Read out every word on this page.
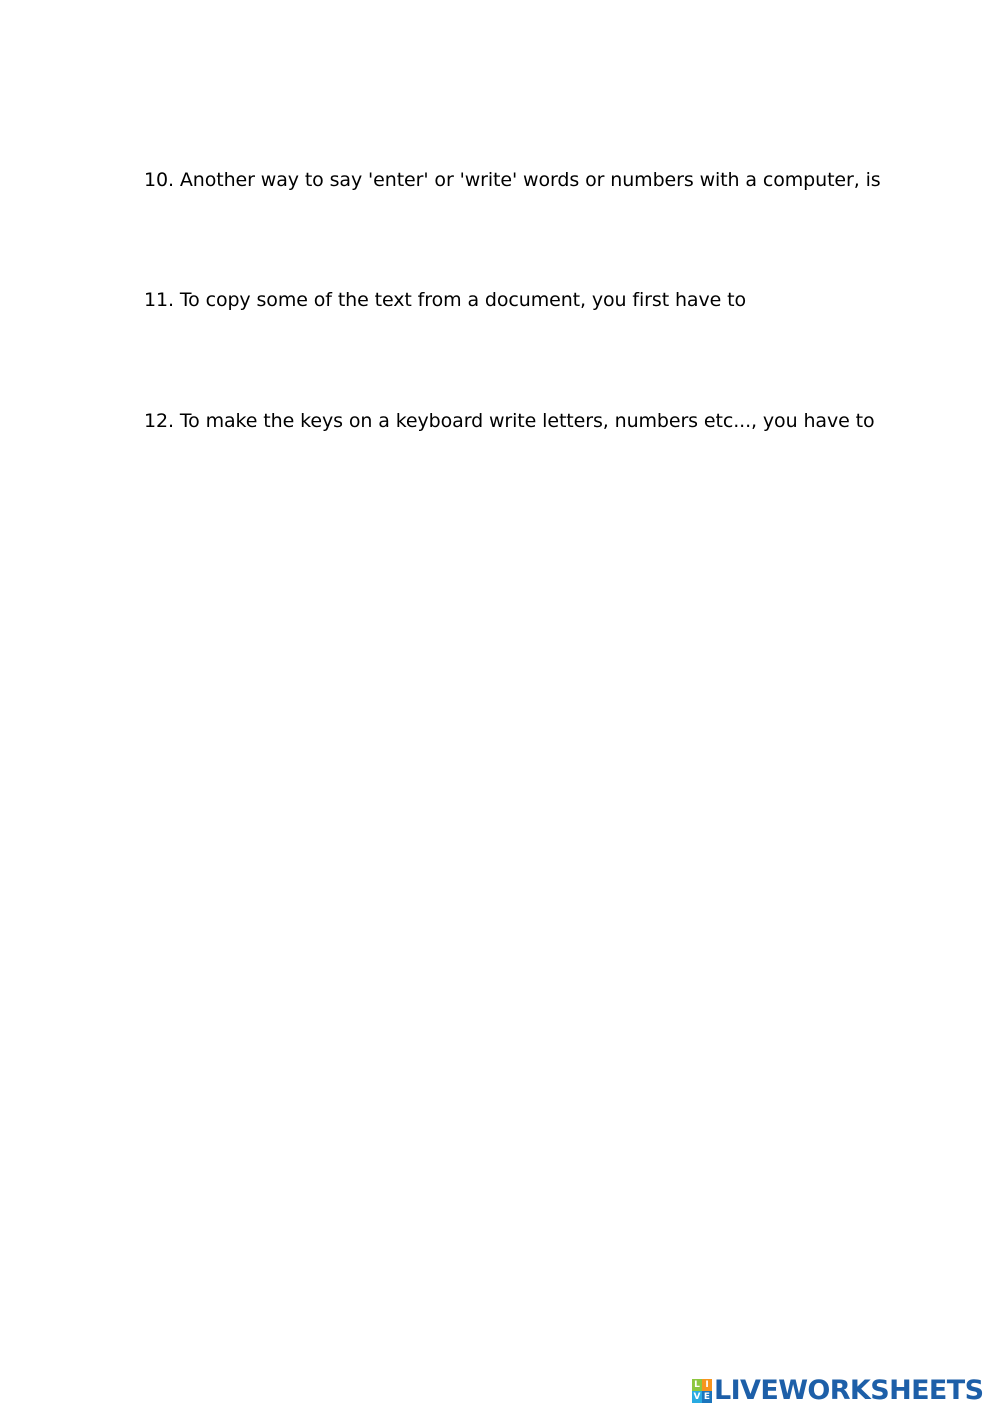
10. Another way to say 'enter' or 'write' words or numbers with a computer, is
11. To copy some of the text from a document, you first have to
12. To make the keys on a keyboard write letters, numbers etc..., you have to
L I
V E LIVEWORKSHEETS
